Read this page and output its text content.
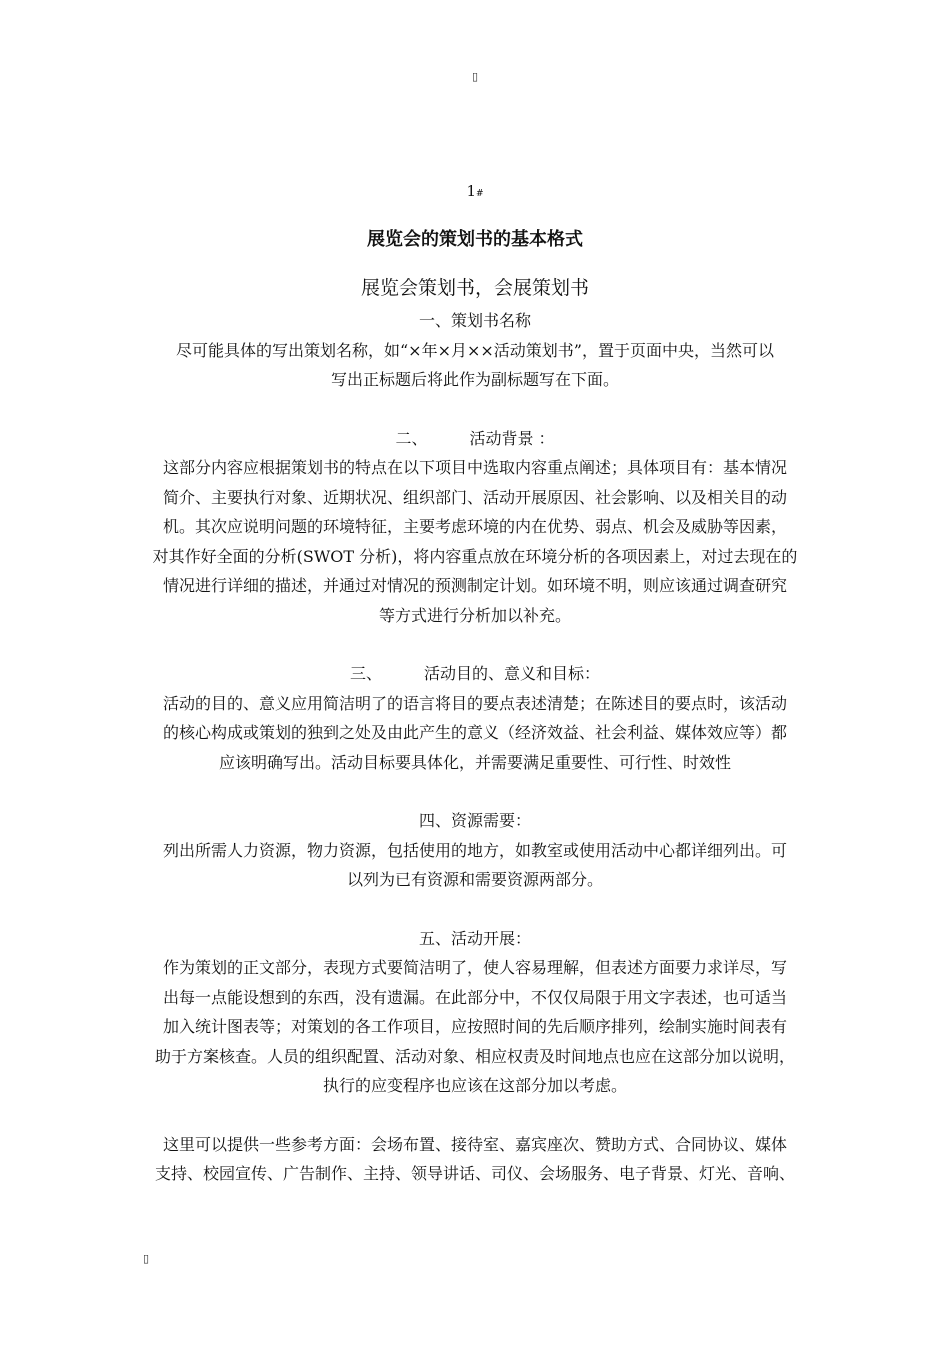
▯
1#
展览会的策划书的基本格式
展览会策划书，会展策划书
一、策划书名称
尽可能具体的写出策划名称，如“×年×月××活动策划书”，置于页面中央，当然可以
写出正标题后将此作为副标题写在下面。
二、	活动背景 ：
这部分内容应根据策划书的特点在以下项目中选取内容重点阐述；具体项目有：基本情况
简介、主要执行对象、近期状况、组织部门、活动开展原因、社会影响、以及相关目的动
机。其次应说明问题的环境特征，主要考虑环境的内在优势、弱点、机会及威胁等因素，
对其作好全面的分析(SWOT 分析)，将内容重点放在环境分析的各项因素上，对过去现在的
情况进行详细的描述，并通过对情况的预测制定计划。如环境不明，则应该通过调查研究
等方式进行分析加以补充。
三、	活动目的、意义和目标：
活动的目的、意义应用简洁明了的语言将目的要点表述清楚；在陈述目的要点时，该活动
的核心构成或策划的独到之处及由此产生的意义（经济效益、社会利益、媒体效应等）都
应该明确写出。活动目标要具体化，并需要满足重要性、可行性、时效性
四、资源需要：
列出所需人力资源，物力资源，包括使用的地方，如教室或使用活动中心都详细列出。可
以列为已有资源和需要资源两部分。
五、活动开展：
作为策划的正文部分，表现方式要简洁明了，使人容易理解，但表述方面要力求详尽，写
出每一点能设想到的东西，没有遗漏。在此部分中，不仅仅局限于用文字表述，也可适当
加入统计图表等；对策划的各工作项目，应按照时间的先后顺序排列，绘制实施时间表有
助于方案核查。人员的组织配置、活动对象、相应权责及时间地点也应在这部分加以说明，
执行的应变程序也应该在这部分加以考虑。
这里可以提供一些参考方面：会场布置、接待室、嘉宾座次、赞助方式、合同协议、媒体
支持、校园宣传、广告制作、主持、领导讲话、司仪、会场服务、电子背景、灯光、音响、
▯
